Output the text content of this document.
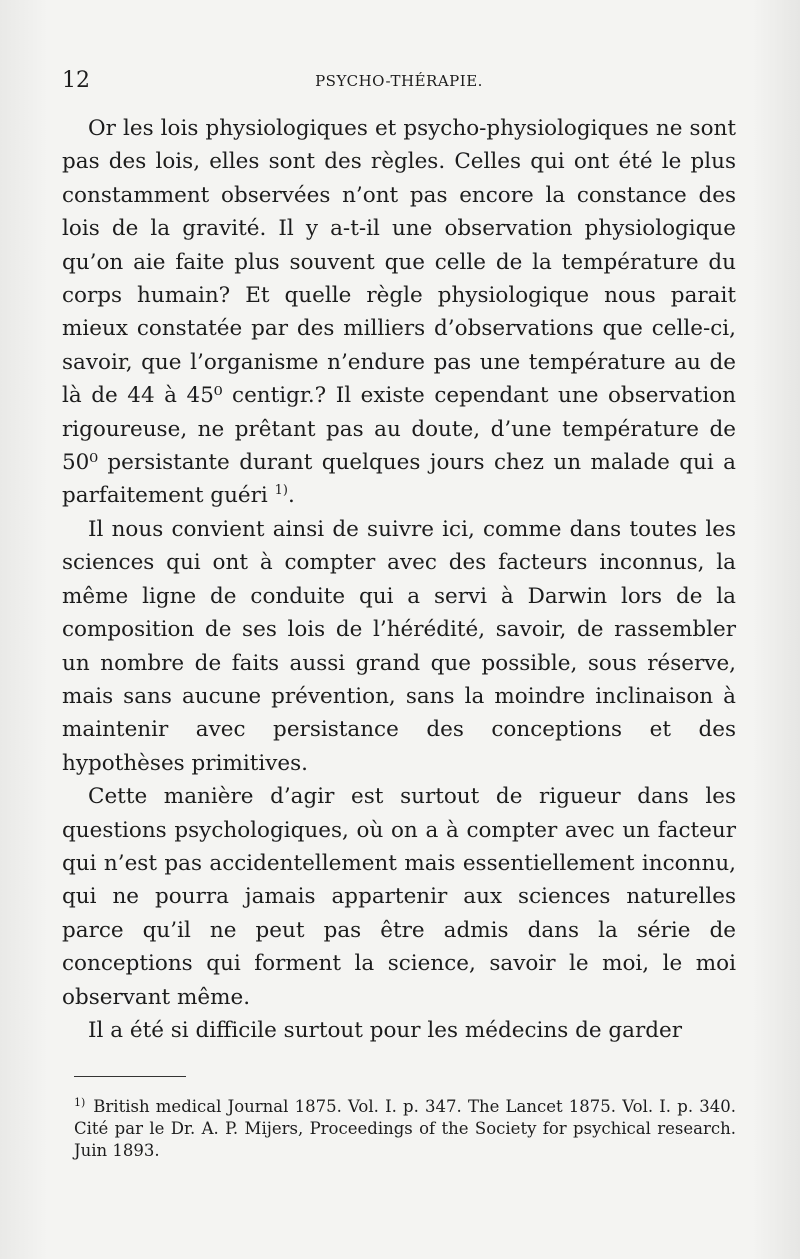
12	PSYCHO-THÉRAPIE.

Or les lois physiologiques et psycho-physiologiques ne sont pas des lois, elles sont des règles. Celles qui ont été le plus constamment observées n’ont pas encore la constance des lois de la gravité. Il y a-t-il une observation physiologique qu’on aie faite plus souvent que celle de la température du corps humain? Et quelle règle physiologique nous parait mieux constatée par des milliers d’observations que celle-ci, savoir, que l’organisme n’endure pas une température au de là de 44 à 45⁰ centigr.? Il existe cependant une observation rigoureuse, ne prêtant pas au doute, d’une température de 50⁰ persistante durant quelques jours chez un malade qui a parfaitement guéri $^{1)}$.

Il nous convient ainsi de suivre ici, comme dans toutes les sciences qui ont à compter avec des facteurs inconnus, la même ligne de conduite qui a servi à Darwin lors de la composition de ses lois de l’hérédité, savoir, de rassembler un nombre de faits aussi grand que possible, sous réserve, mais sans aucune prévention, sans la moindre inclinaison à maintenir avec persistance des conceptions et des hypothèses primitives.

Cette manière d’agir est surtout de rigueur dans les questions psychologiques, où on a à compter avec un facteur qui n’est pas accidentellement mais essentiellement inconnu, qui ne pourra jamais appartenir aux sciences naturelles parce qu’il ne peut pas être admis dans la série de conceptions qui forment la science, savoir le moi, le moi observant même.

Il a été si difficile surtout pour les médecins de garder

$^{1)}$ British medical Journal 1875. Vol. I. p. 347. The Lancet 1875. Vol. I. p. 340. Cité par le Dr. A. P. Mijers, Proceedings of the Society for psychical research. Juin 1893.
